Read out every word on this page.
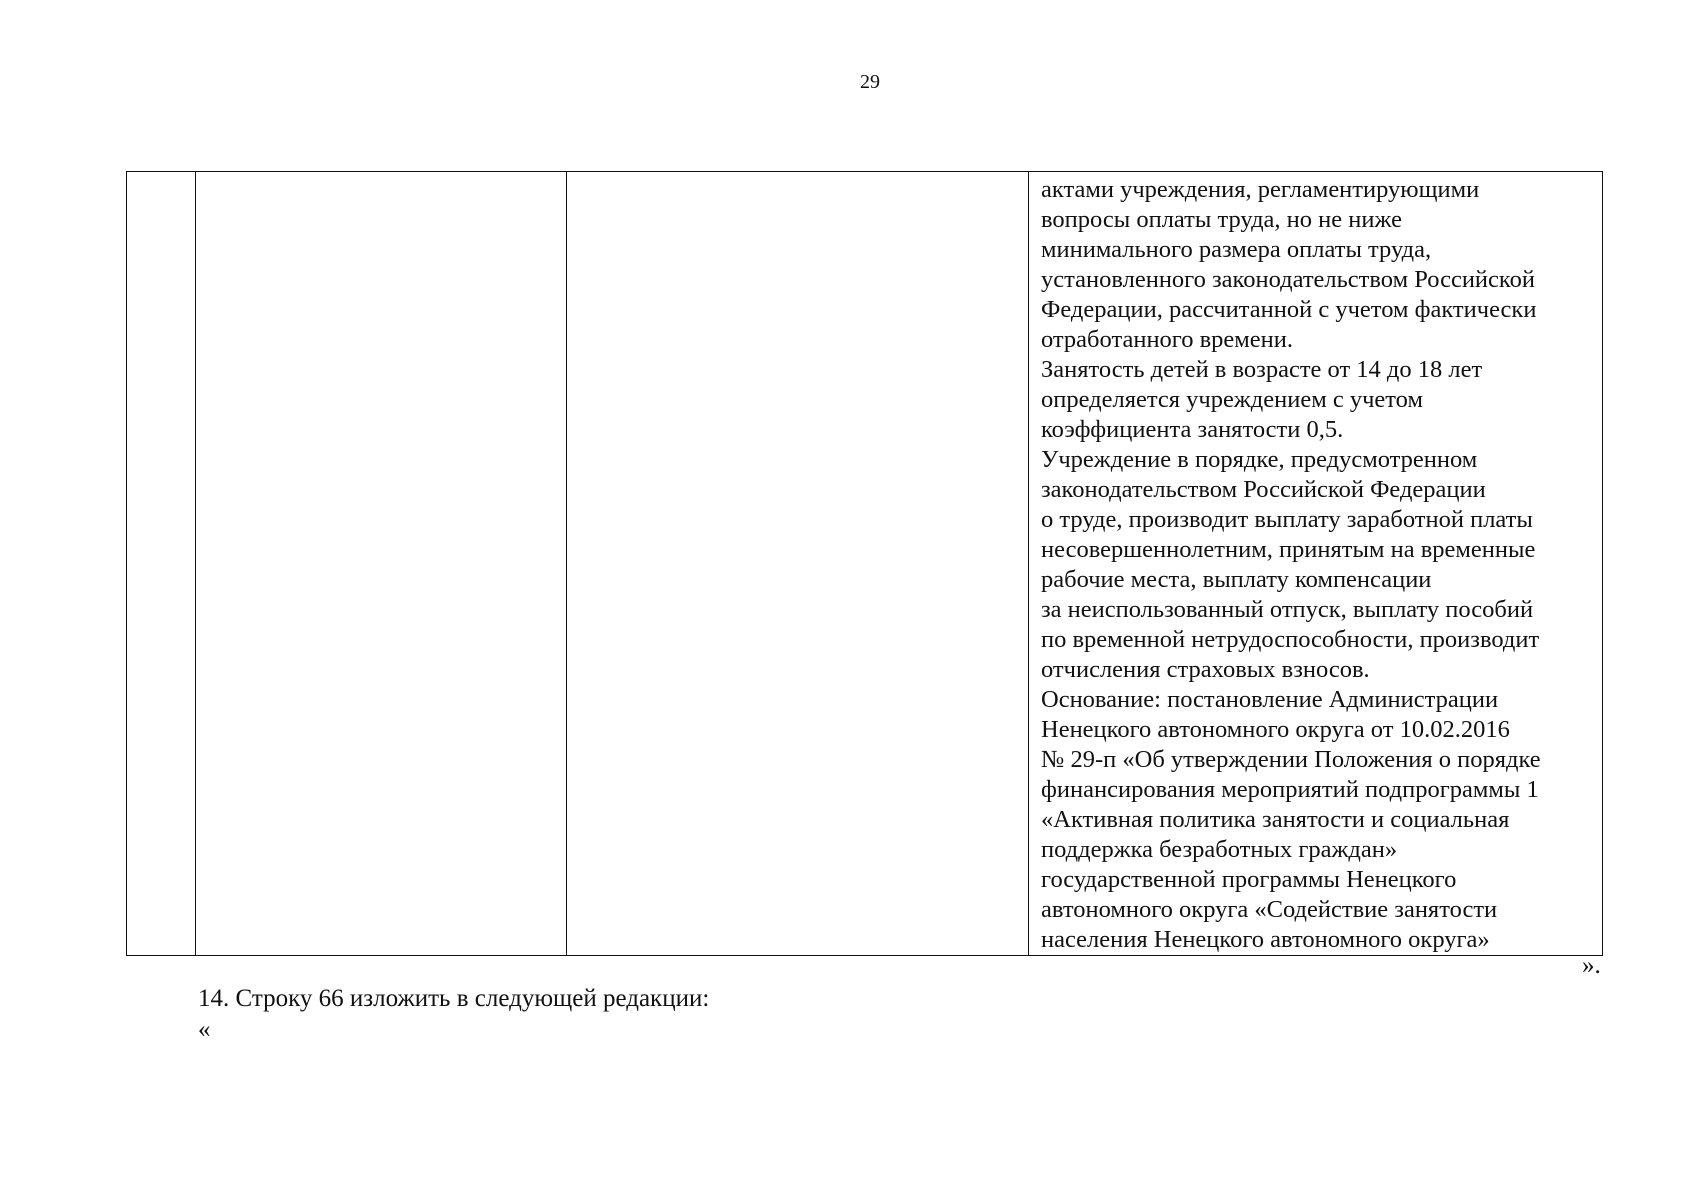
29

актами учреждения, регламентирующими
вопросы оплаты труда, но не ниже
минимального размера оплаты труда,
установленного законодательством Российской
Федерации, рассчитанной с учетом фактически
отработанного времени.
Занятость детей в возрасте от 14 до 18 лет
определяется учреждением с учетом
коэффициента занятости 0,5.
Учреждение в порядке, предусмотренном
законодательством Российской Федерации
о труде, производит выплату заработной платы
несовершеннолетним, принятым на временные
рабочие места, выплату компенсации
за неиспользованный отпуск, выплату пособий
по временной нетрудоспособности, производит
отчисления страховых взносов.
Основание: постановление Администрации
Ненецкого автономного округа от 10.02.2016
№ 29-п «Об утверждении Положения о порядке
финансирования мероприятий подпрограммы 1
«Активная политика занятости и социальная
поддержка безработных граждан»
государственной программы Ненецкого
автономного округа «Содействие занятости
населения Ненецкого автономного округа»
».
14. Строку 66 изложить в следующей редакции:
«
